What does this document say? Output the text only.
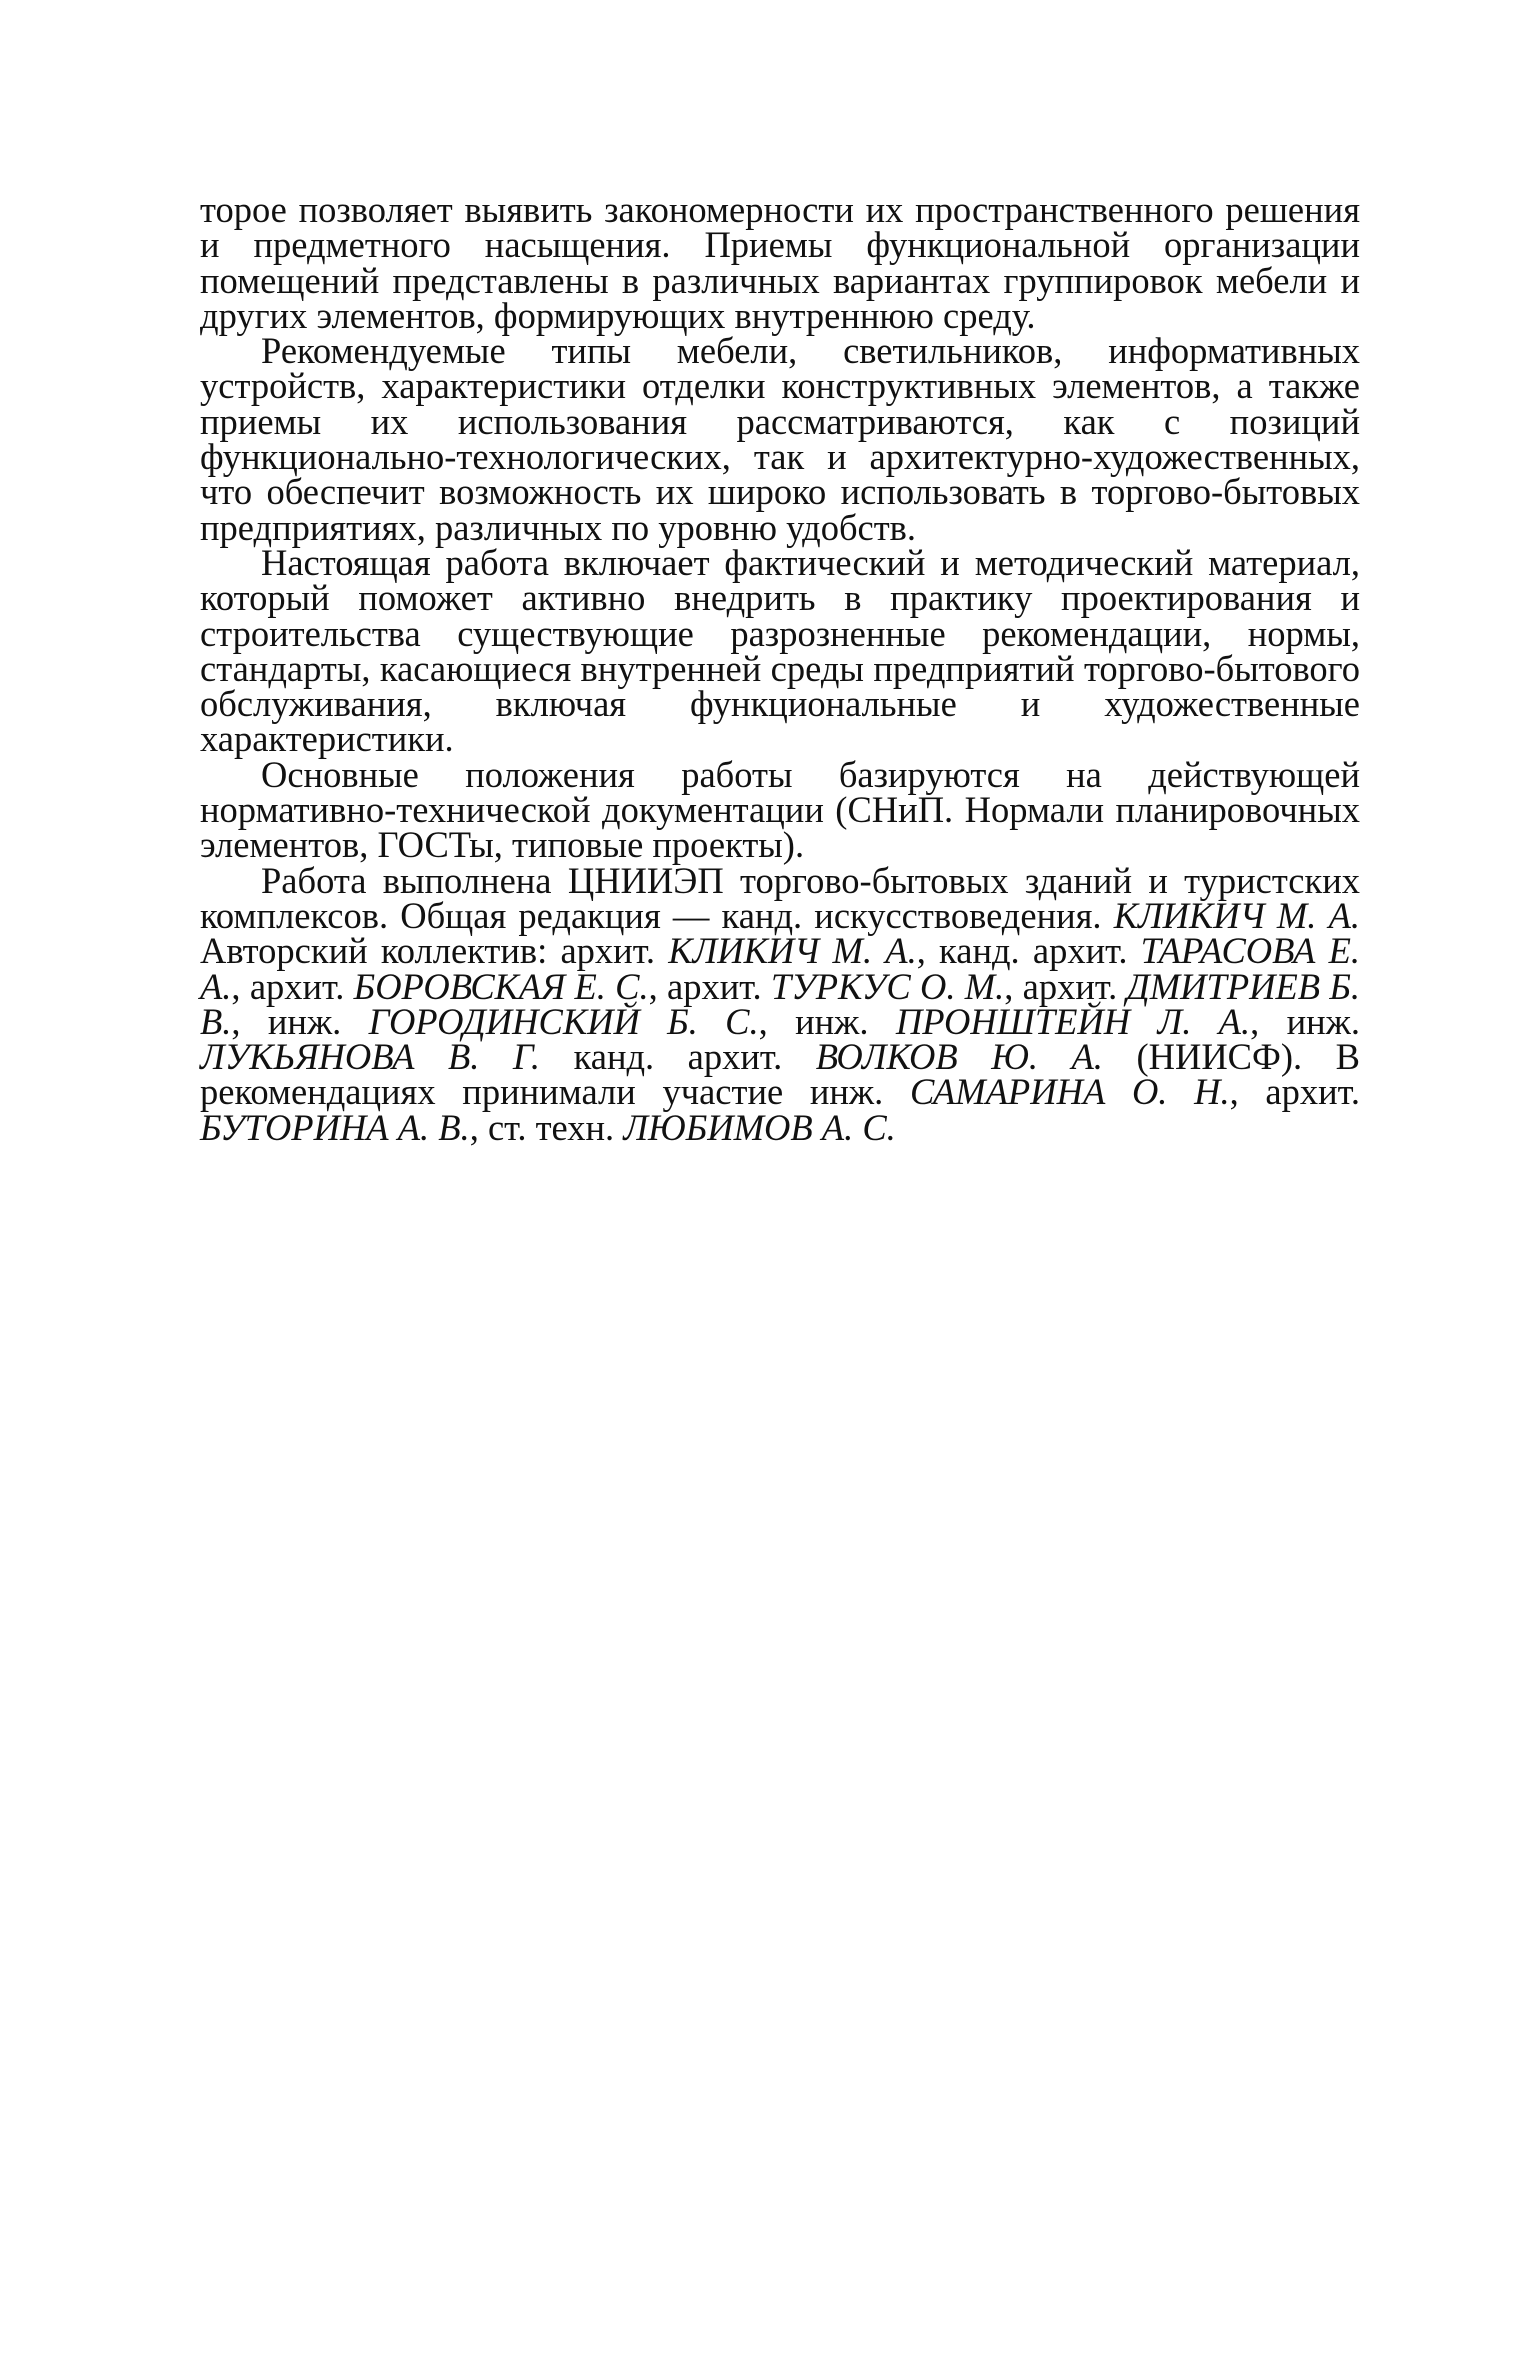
торое позволяет выявить закономерности их пространственного решения и предметного насыщения. Приемы функциональной организации помещений представлены в различных вариантах группировок мебели и других элементов, формирующих внутреннюю среду.

Рекомендуемые типы мебели, светильников, информативных устройств, характеристики отделки конструктивных элементов, а также приемы их использования рассматриваются, как с позиций функционально-технологических, так и архитектурно-художественных, что обеспечит возможность их широко использовать в торгово-бытовых предприятиях, различных по уровню удобств.

Настоящая работа включает фактический и методический материал, который поможет активно внедрить в практику проектирования и строительства существующие разрозненные рекомендации, нормы, стандарты, касающиеся внутренней среды предприятий торгово-бытового обслуживания, включая функциональные и художественные характеристики.

Основные положения работы базируются на действующей нормативно-технической документации (СНиП. Нормали планировочных элементов, ГОСТы, типовые проекты).

Работа выполнена ЦНИИЭП торгово-бытовых зданий и туристских комплексов. Общая редакция — канд. искусствоведения. КЛИКИЧ М. А. Авторский коллектив: архит. КЛИКИЧ М. А., канд. архит. ТАРАСОВА Е. А., архит. БОРОВСКАЯ Е. С., архит. ТУРКУС О. М., архит. ДМИТРИЕВ Б. В., инж. ГОРОДИНСКИЙ Б. С., инж. ПРОНШТЕЙН Л. А., инж. ЛУКЬЯНОВА В. Г. канд. архит. ВОЛКОВ Ю. А. (НИИСФ). В рекомендациях принимали участие инж. САМАРИНА О. Н., архит. БУТОРИНА А. В., ст. техн. ЛЮБИМОВ А. С.
